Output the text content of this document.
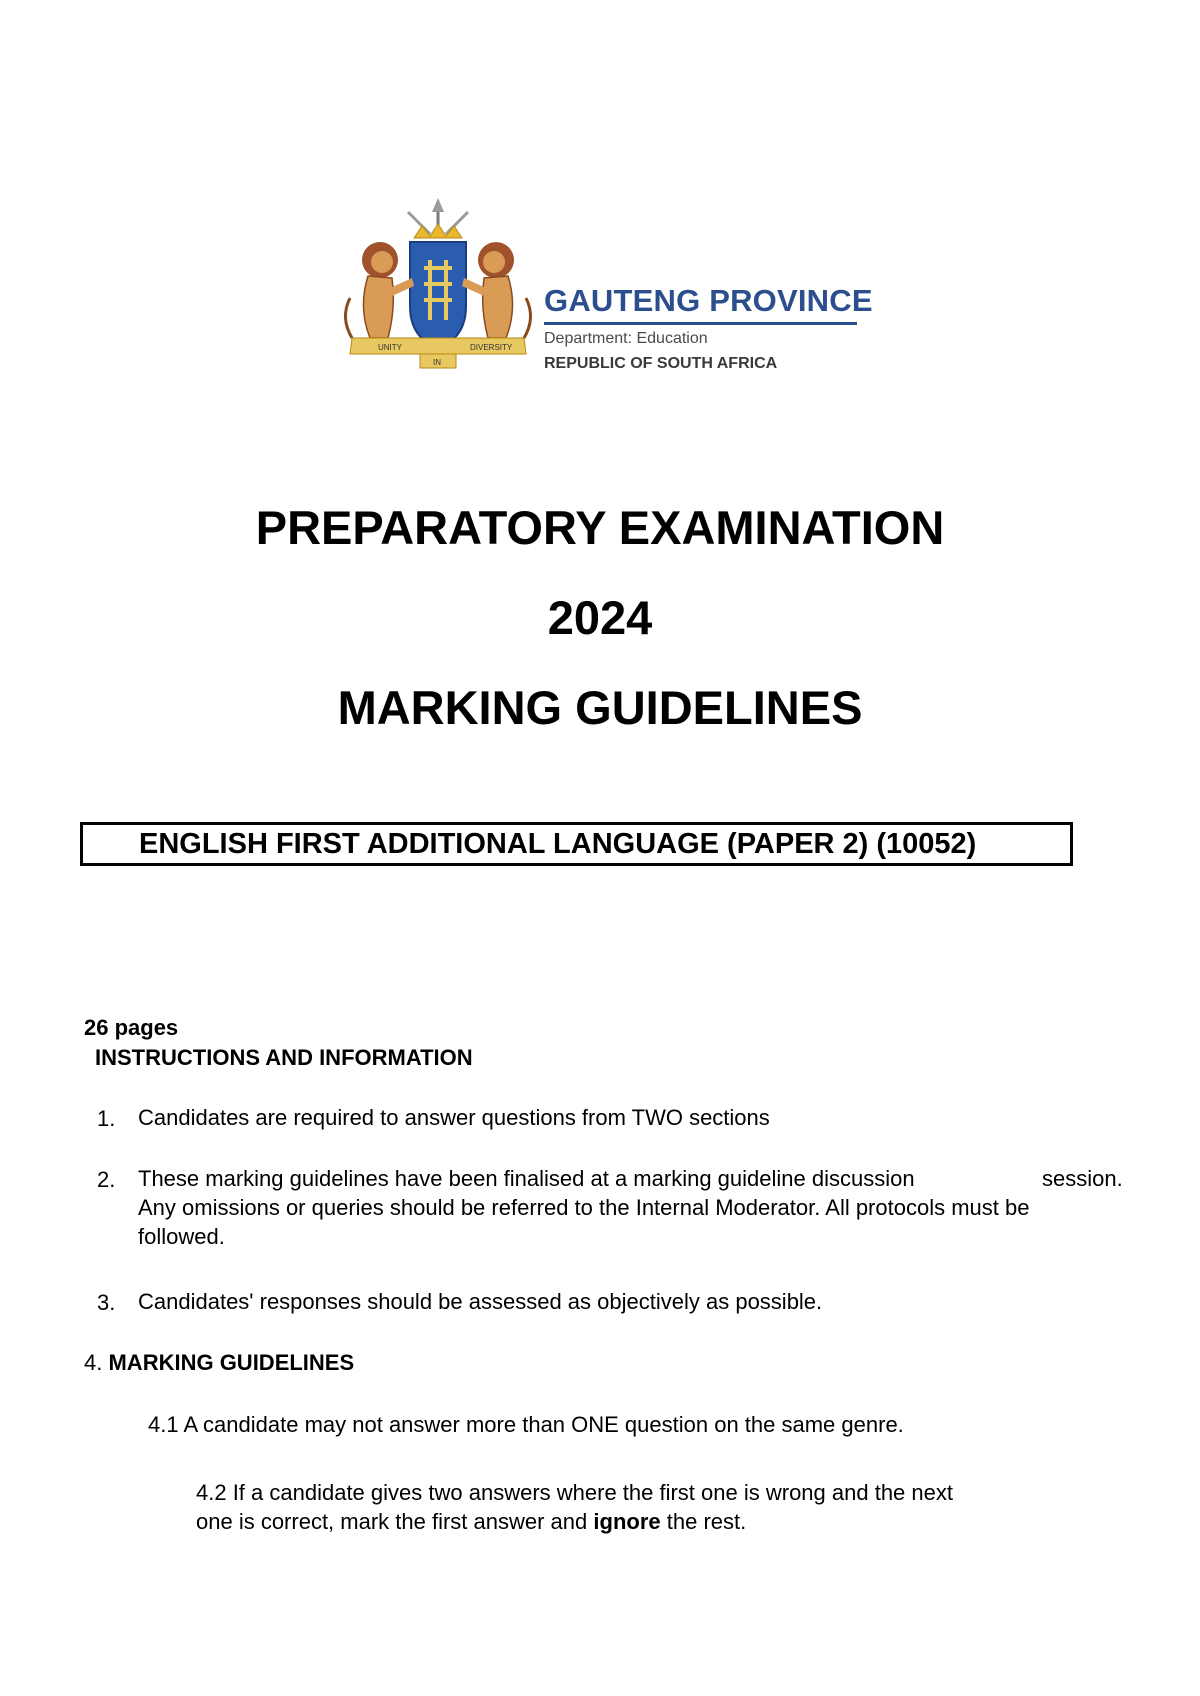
UNITY
IN
DIVERSITY
GAUTENG PROVINCE
Department: Education
REPUBLIC OF SOUTH AFRICA
PREPARATORY EXAMINATION
2024
MARKING GUIDELINES
ENGLISH FIRST ADDITIONAL LANGUAGE (PAPER 2) (10052)
26 pages
INSTRUCTIONS AND INFORMATION
1. Candidates are required to answer questions from TWO sections
2. These marking guidelines have been finalised at a marking guideline discussion	session.
Any omissions or queries should be referred to the Internal Moderator. All protocols must be
followed.
3. Candidates' responses should be assessed as objectively as possible.
4. MARKING GUIDELINES
4.1 A candidate may not answer more than ONE question on the same genre.
4.2 If a candidate gives two answers where the first one is wrong and the next
one is correct, mark the first answer and ignore the rest.
